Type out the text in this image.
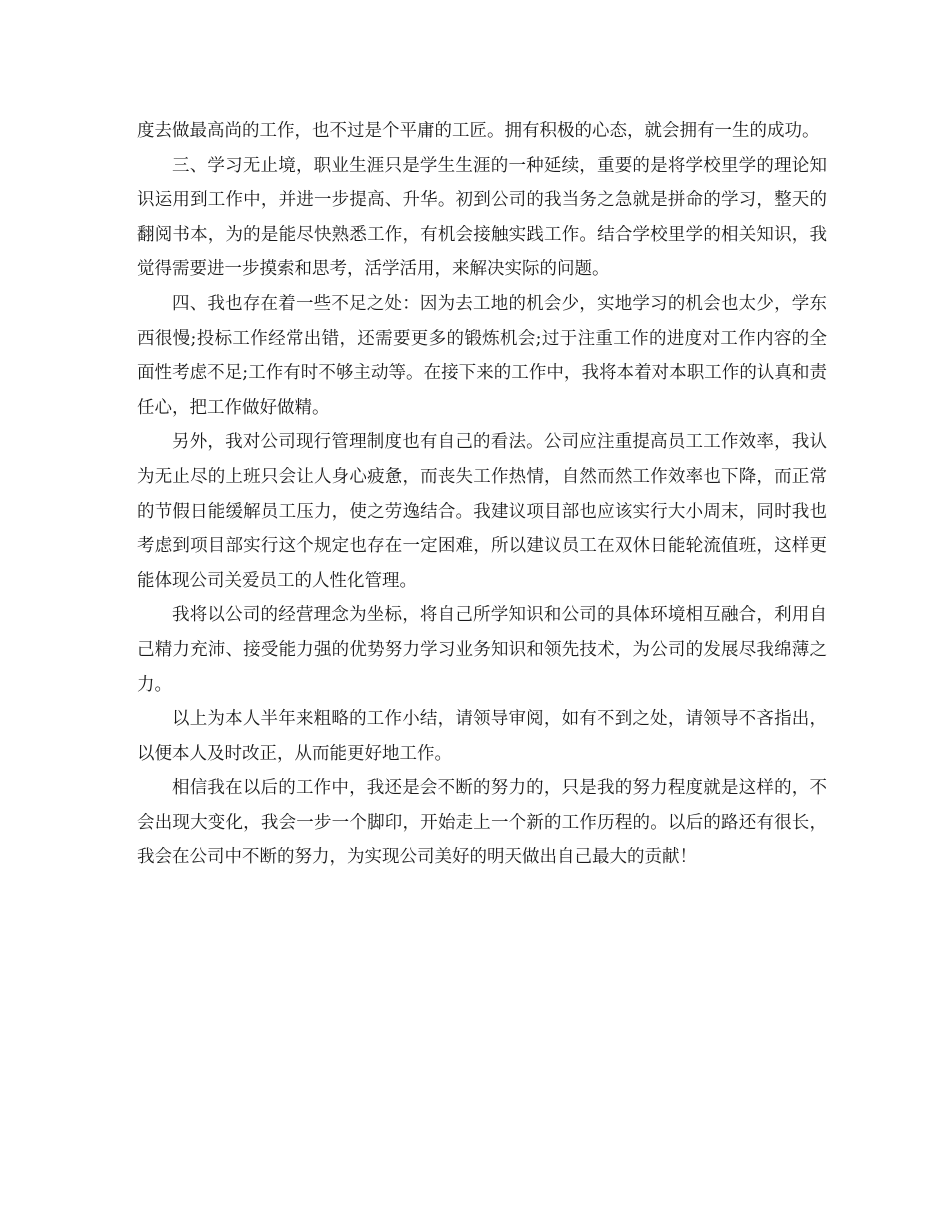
度去做最高尚的工作，也不过是个平庸的工匠。拥有积极的心态，就会拥有一生的成功。

三、学习无止境，职业生涯只是学生生涯的一种延续，重要的是将学校里学的理论知识运用到工作中，并进一步提高、升华。初到公司的我当务之急就是拼命的学习，整天的翻阅书本，为的是能尽快熟悉工作，有机会接触实践工作。结合学校里学的相关知识，我觉得需要进一步摸索和思考，活学活用，来解决实际的问题。

四、我也存在着一些不足之处：因为去工地的机会少，实地学习的机会也太少，学东西很慢;投标工作经常出错，还需要更多的锻炼机会;过于注重工作的进度对工作内容的全面性考虑不足;工作有时不够主动等。在接下来的工作中，我将本着对本职工作的认真和责任心，把工作做好做精。

另外，我对公司现行管理制度也有自己的看法。公司应注重提高员工工作效率，我认为无止尽的上班只会让人身心疲惫，而丧失工作热情，自然而然工作效率也下降，而正常的节假日能缓解员工压力，使之劳逸结合。我建议项目部也应该实行大小周末，同时我也考虑到项目部实行这个规定也存在一定困难，所以建议员工在双休日能轮流值班，这样更能体现公司关爱员工的人性化管理。

我将以公司的经营理念为坐标，将自己所学知识和公司的具体环境相互融合，利用自己精力充沛、接受能力强的优势努力学习业务知识和领先技术，为公司的发展尽我绵薄之力。

以上为本人半年来粗略的工作小结，请领导审阅，如有不到之处，请领导不吝指出，以便本人及时改正，从而能更好地工作。

相信我在以后的工作中，我还是会不断的努力的，只是我的努力程度就是这样的，不会出现大变化，我会一步一个脚印，开始走上一个新的工作历程的。以后的路还有很长，我会在公司中不断的努力，为实现公司美好的明天做出自己最大的贡献！
